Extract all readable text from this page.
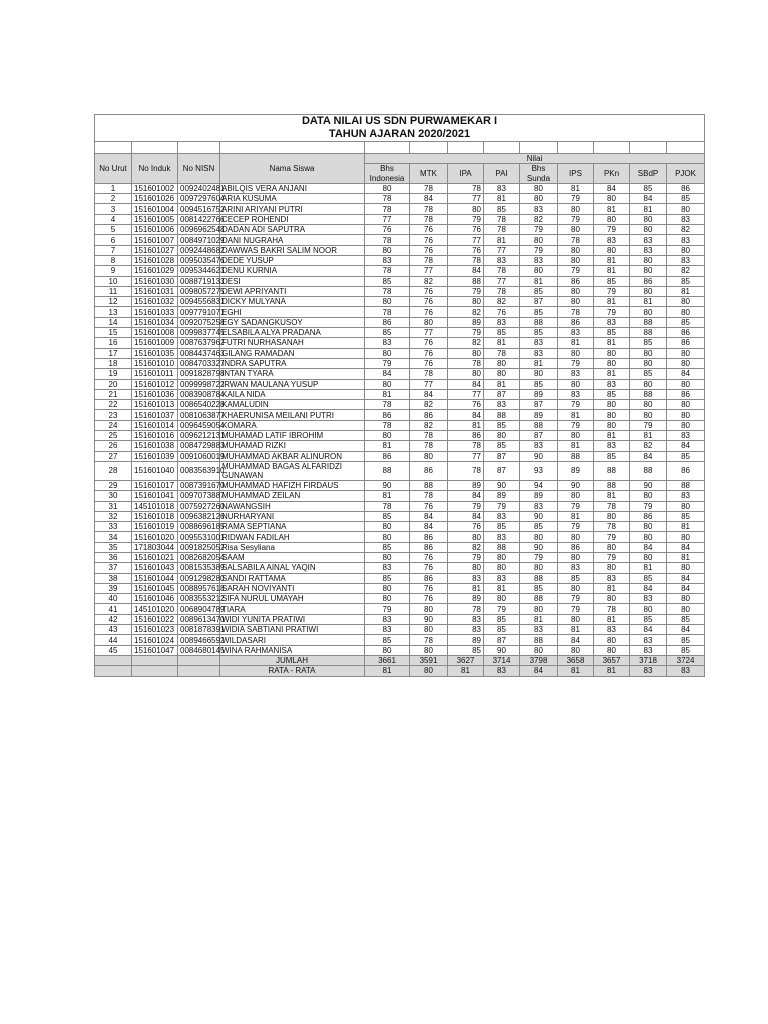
DATA NILAI US SDN PURWAMEKAR I												
TAHUN AJARAN 2020/2021												

No Urut	No Induk	No NISN	Nama Siswa	Nilai								
				Bhs	MTK	IPA	PAI	Bhs	IPS	PKn	SBdP	PJOK
				Indonesia				Sunda				
1	151601002	0092402481	ABILQIS VERA ANJANI	80	78	78	83	80	81	84	85	86
2	151601026	0097297604	ARIA KUSUMA	78	84	77	81	80	79	80	84	85
3	151601004	0094516752	ARINI ARIYANI PUTRI	78	78	80	85	83	80	81	81	80
4	151601005	0081422766	CECEP ROHENDI	77	78	79	78	82	79	80	80	83
5	151601006	0096962548	DADAN ADI SAPUTRA	76	76	76	78	79	80	79	80	82
6	151601007	0084971029	DANI NUGRAHA	78	76	77	81	80	78	83	83	83
7	151601027	0092448682	DAWWAS BAKRI SALIM NOOR	80	76	76	77	79	80	80	83	80
8	151601028	0095035476	DEDE YUSUP	83	78	78	83	83	80	81	80	83
9	151601029	0095344623	DENU KURNIA	78	77	84	78	80	79	81	80	82
10	151601030	0088719133	DESI	85	82	88	77	81	86	85	86	85
11	151601031	0098057275	DEWI APRIYANTI	78	76	79	78	85	80	79	80	81
12	151601032	0094556831	DICKY MULYANA	80	76	80	82	87	80	81	81	80
13	151601033	0097791071	EGHI	78	76	82	76	85	78	79	80	80
14	151601034	0092075258	EGY SADANGKUSOY	86	80	89	83	88	86	83	88	85
15	151601008	0099837745	ELSABILA ALYA PRADANA	85	77	79	85	85	83	85	88	86
16	151601009	0087637962	FUTRI NURHASANAH	83	76	82	81	83	81	81	85	86
17	151601035	0084437463	GILANG RAMADAN	80	76	80	78	83	80	80	80	80
18	151601010	0084703327	INDRA SAPUTRA	79	76	78	80	81	79	80	80	80
19	151601011	0091828798	INTAN TYARA	84	78	80	80	80	83	81	85	84
20	151601012	0099998722	IRWAN MAULANA YUSUP	80	77	84	81	85	80	83	80	80
21	151601036	0083908784	KAILA NIDA	81	84	77	87	89	83	85	88	86
22	151601013	0086540228	KAMALUDIN	78	82	76	83	87	79	80	80	80
23	151601037	0081063877	KHAERUNISA MEILANI PUTRI	86	86	84	88	89	81	80	80	80
24	151601014	0096459054	KOMARA	78	82	81	85	88	79	80	79	80
25	151601016	0096212131	MUHAMAD LATIF IBROHIM	80	78	86	80	87	80	81	81	83
26	151601038	0084729883	MUHAMAD RIZKI	81	78	78	85	83	81	83	82	84
27	151601039	0091060019	MUHAMMAD AKBAR ALINURON	86	80	77	87	90	88	85	84	85
28	151601040	0083563910	MUHAMMAD BAGAS ALFARIDZI GUNAWAN	88	86	78	87	93	89	88	88	86
29	151601017	0087391670	MUHAMMAD HAFIZH FIRDAUS	90	88	89	90	94	90	88	90	88
30	151601041	0097073887	MUHAMMAD ZEILAN	81	78	84	89	89	80	81	80	83
31	145101018	0075927260	NAWANGSIH	78	76	79	79	83	79	78	79	80
32	151601018	0096382126	NURHARYANI	85	84	84	83	90	81	80	86	85
33	151601019	0088696185	RAMA SEPTIANA	80	84	76	85	85	79	78	80	81
34	151601020	0095531001	RIDWAN FADILAH	80	86	80	83	80	80	79	80	80
35	171803044	0091825052	Risa Sesyliana	85	86	82	88	90	86	80	84	84
36	151601021	0082682054	SAAM	80	76	79	80	79	80	79	80	81
37	151601043	0081535389	SALSABILA AINAL YAQIN	83	76	80	80	80	83	80	81	80
38	151601044	0091298280	SANDI RATTAMA	85	86	83	83	88	85	83	85	84
39	151601045	0088957618	SARAH NOVIYANTI	80	76	81	81	85	80	81	84	84
40	151601046	0083553212	SIFA NURUL UMAYAH	80	76	89	80	88	79	80	83	80
41	145101020	0068904789	TIARA	79	80	78	79	80	79	78	80	80
42	151601022	0089613470	WIDI YUNITA PRATIWI	83	90	83	85	81	80	81	85	85
43	151601023	0081878391	WIDIA SABTIANI PRATIWI	83	80	83	85	83	81	83	84	84
44	151601024	0089466592	WILDASARI	85	78	89	87	88	84	80	83	85
45	151601047	0084680145	WINA RAHMANISA	80	80	85	90	80	80	80	83	85
			JUMLAH	3661	3591	3627	3714	3798	3658	3657	3718	3724
			RATA - RATA	81	80	81	83	84	81	81	83	83
